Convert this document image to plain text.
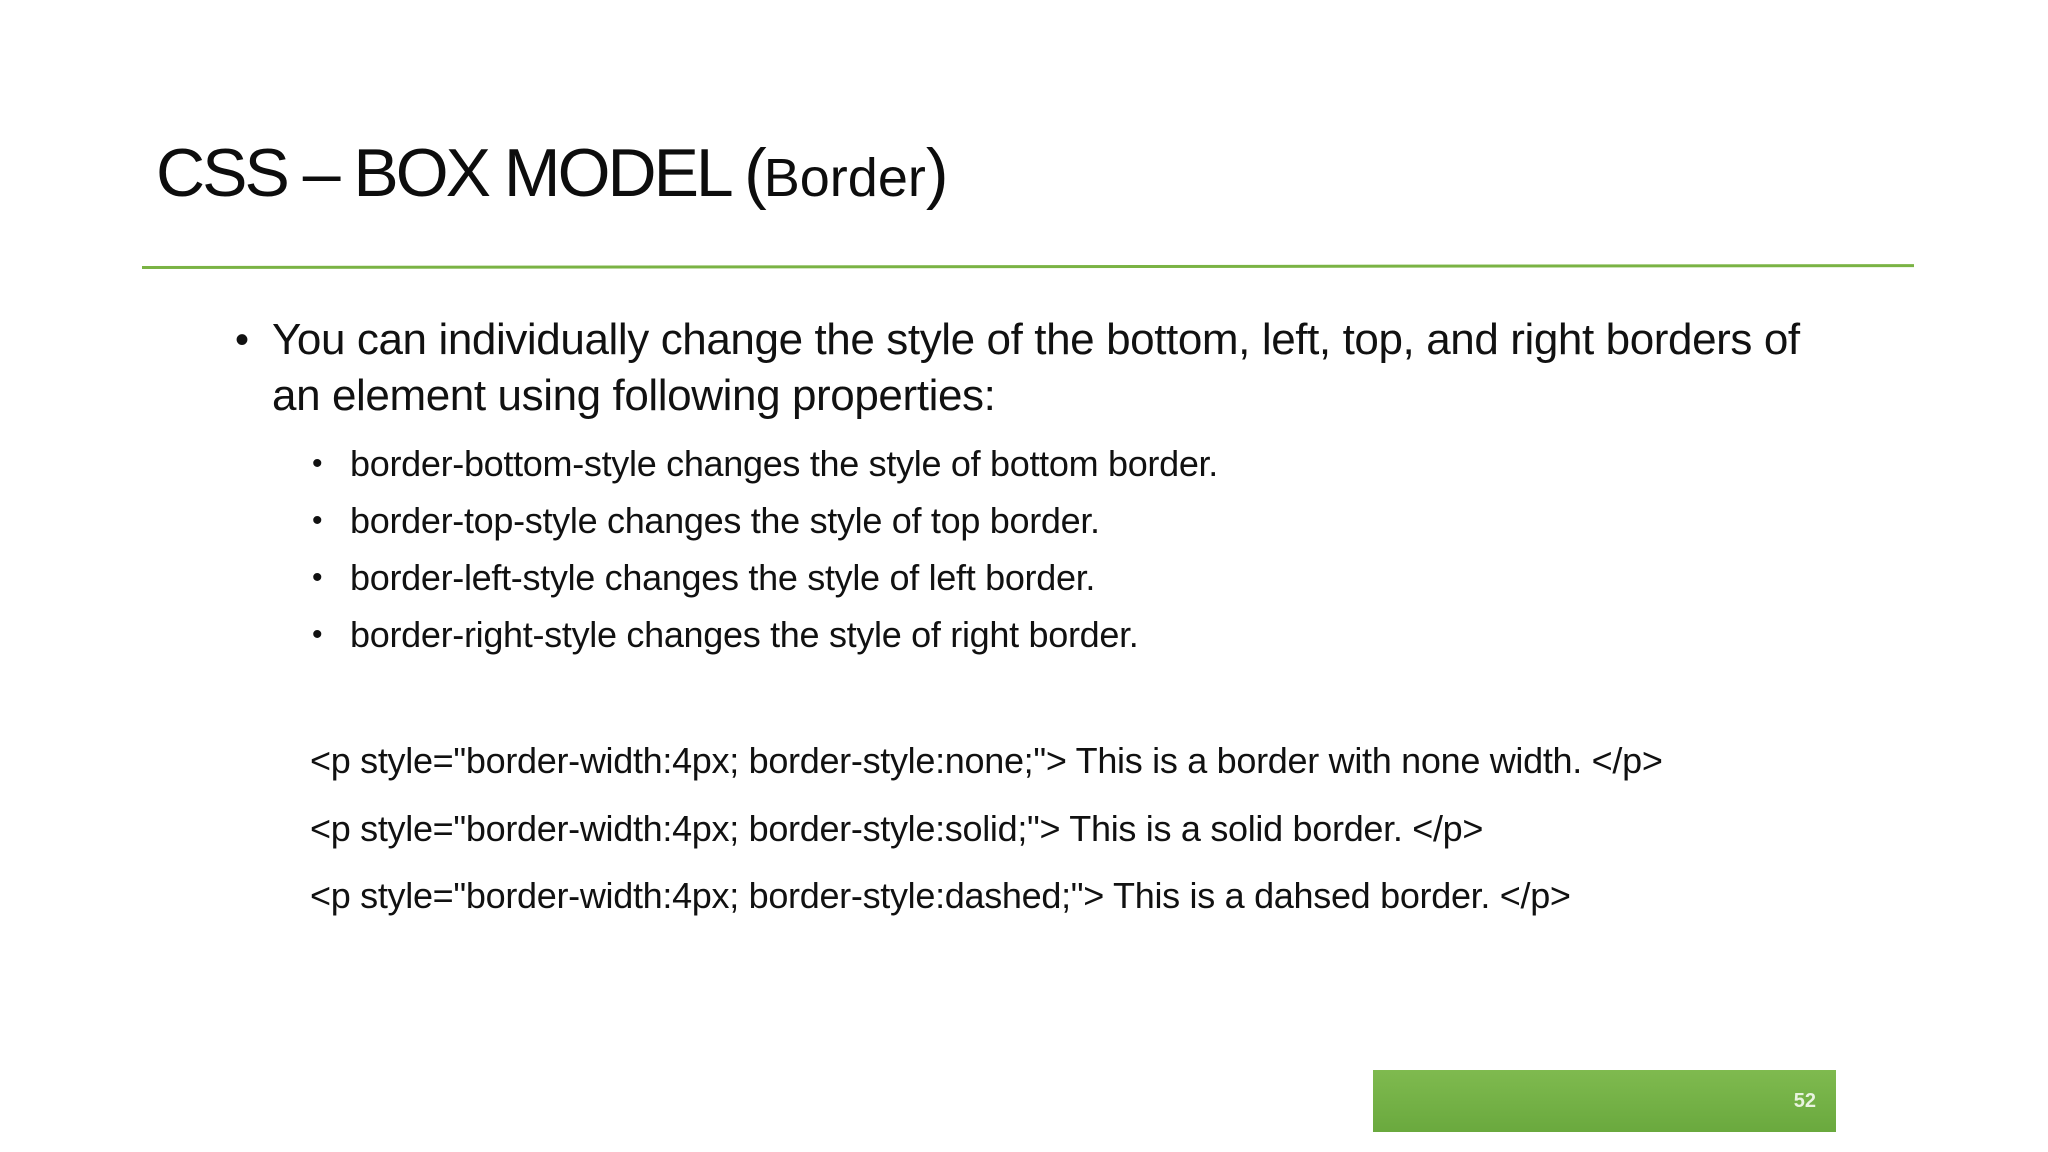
CSS – BOX MODEL (Border)
• You can individually change the style of the bottom, left, top, and right borders of an element using following properties:
• border-bottom-style changes the style of bottom border.
• border-top-style changes the style of top border.
• border-left-style changes the style of left border.
• border-right-style changes the style of right border.
<p style="border-width:4px; border-style:none;"> This is a border with none width. </p>
<p style="border-width:4px; border-style:solid;"> This is a solid border. </p>
<p style="border-width:4px; border-style:dashed;"> This is a dahsed border. </p>
52
